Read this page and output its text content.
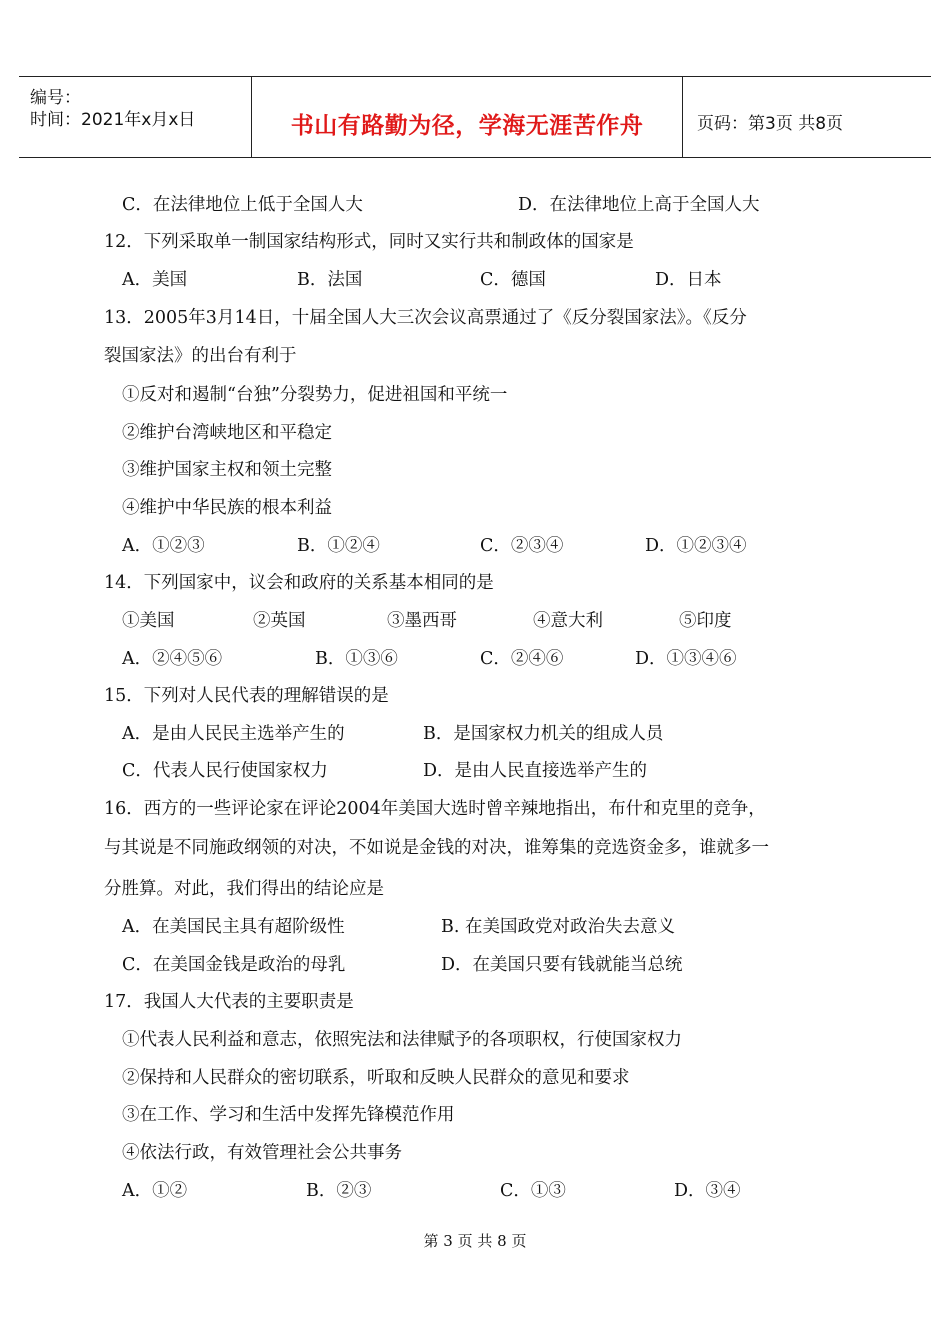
编号：
时间：2021年x月x日	书山有路勤为径，学海无涯苦作舟	页码：第3页 共8页
C．在法律地位上低于全国人大	D．在法律地位上高于全国人大
12．下列采取单一制国家结构形式，同时又实行共和制政体的国家是
A．美国	B．法国	C．德国	D．日本
13．2005年3月14日，十届全国人大三次会议高票通过了《反分裂国家法》。《反分
裂国家法》的出台有利于
①反对和遏制“台独”分裂势力，促进祖国和平统一
②维护台湾峡地区和平稳定
③维护国家主权和领土完整
④维护中华民族的根本利益
A．①②③	B．①②④	C．②③④	D．①②③④
14．下列国家中，议会和政府的关系基本相同的是
①美国	②英国	③墨西哥	④意大利	⑤印度
A．②④⑤⑥	B．①③⑥	C．②④⑥	D．①③④⑥
15．下列对人民代表的理解错误的是
A．是由人民民主选举产生的	B．是国家权力机关的组成人员
C．代表人民行使国家权力	D．是由人民直接选举产生的
16．西方的一些评论家在评论2004年美国大选时曾辛辣地指出，布什和克里的竞争，
与其说是不同施政纲领的对决，不如说是金钱的对决，谁筹集的竞选资金多，谁就多一
分胜算。对此，我们得出的结论应是
A．在美国民主具有超阶级性	B. 在美国政党对政治失去意义
C．在美国金钱是政治的母乳	D．在美国只要有钱就能当总统
17．我国人大代表的主要职责是
①代表人民利益和意志，依照宪法和法律赋予的各项职权，行使国家权力
②保持和人民群众的密切联系，听取和反映人民群众的意见和要求
③在工作、学习和生活中发挥先锋模范作用
④依法行政，有效管理社会公共事务
A．①②	B．②③	C．①③	D．③④
第 3 页 共 8 页
